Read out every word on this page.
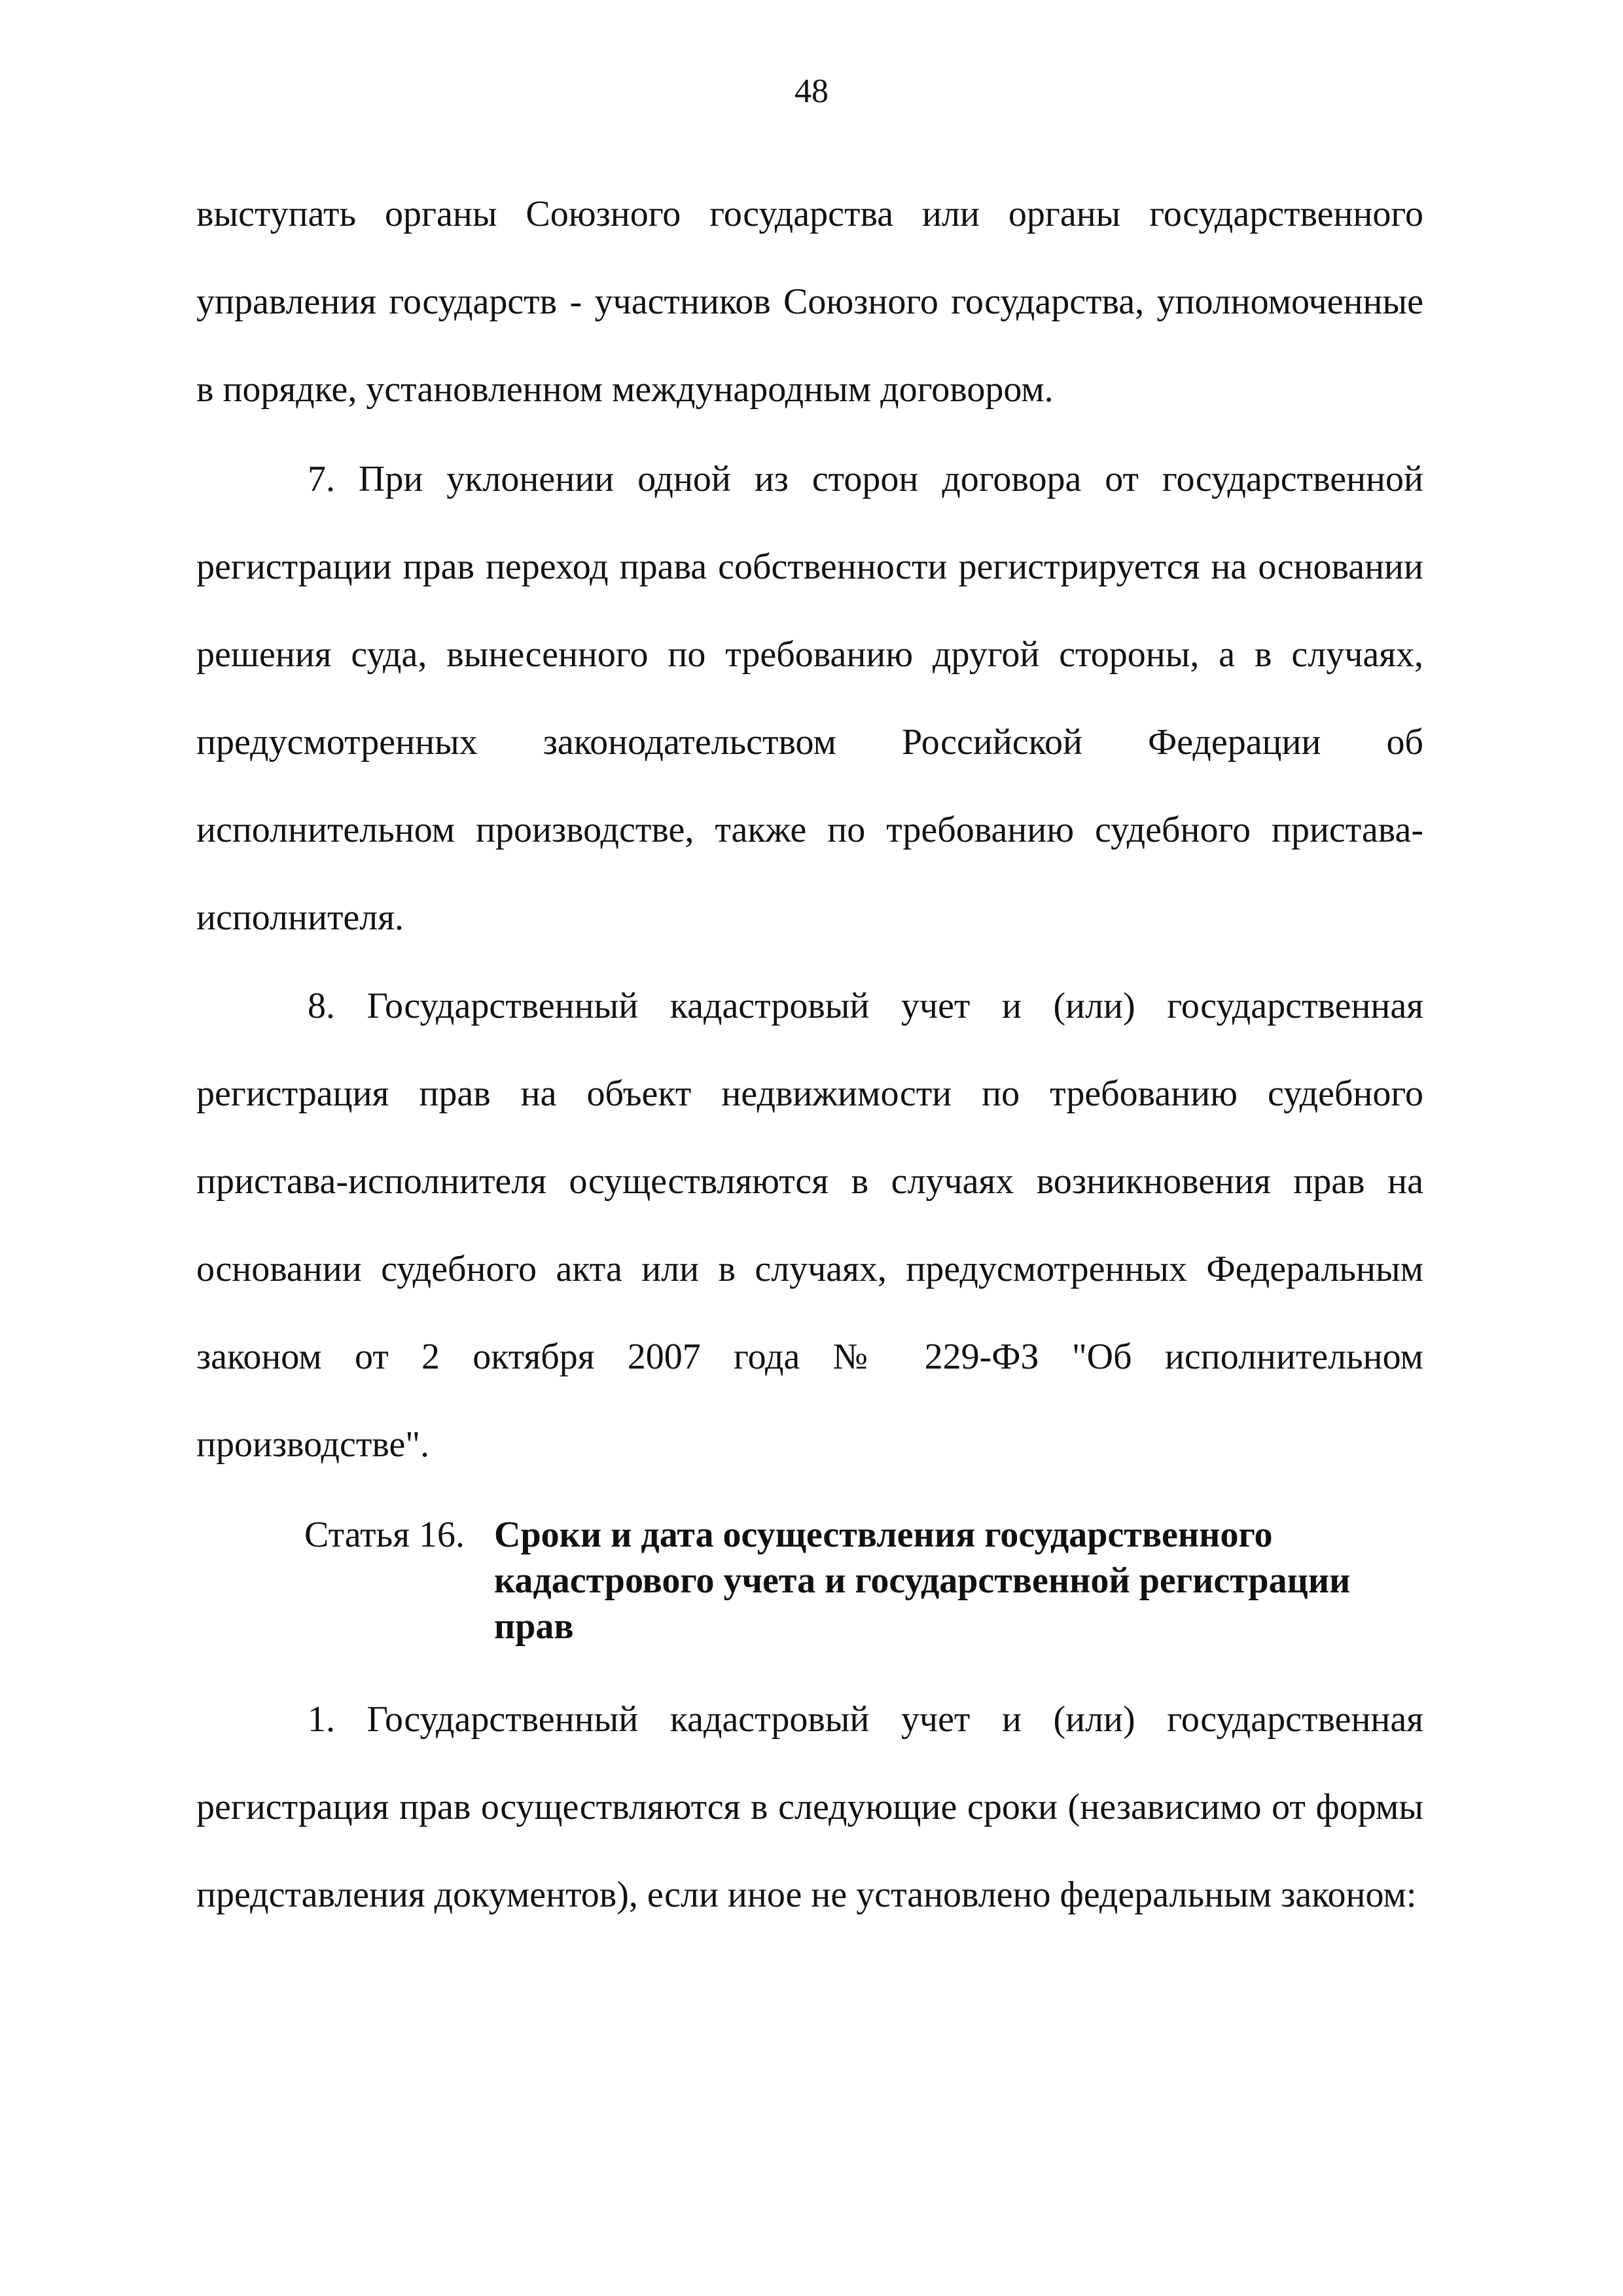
48

выступать органы Союзного государства или органы государственного управления государств - участников Союзного государства, уполномоченные в порядке, установленном международным договором.

7. При уклонении одной из сторон договора от государственной регистрации прав переход права собственности регистрируется на основании решения суда, вынесенного по требованию другой стороны, а в случаях, предусмотренных законодательством Российской Федерации об исполнительном производстве, также по требованию судебного пристава-исполнителя.

8. Государственный кадастровый учет и (или) государственная регистрация прав на объект недвижимости по требованию судебного пристава-исполнителя осуществляются в случаях возникновения прав на основании судебного акта или в случаях, предусмотренных Федеральным законом от 2 октября 2007 года № 229-ФЗ "Об исполнительном производстве".

Статья 16. Сроки и дата осуществления государственного кадастрового учета и государственной регистрации прав

1. Государственный кадастровый учет и (или) государственная регистрация прав осуществляются в следующие сроки (независимо от формы представления документов), если иное не установлено федеральным законом:
